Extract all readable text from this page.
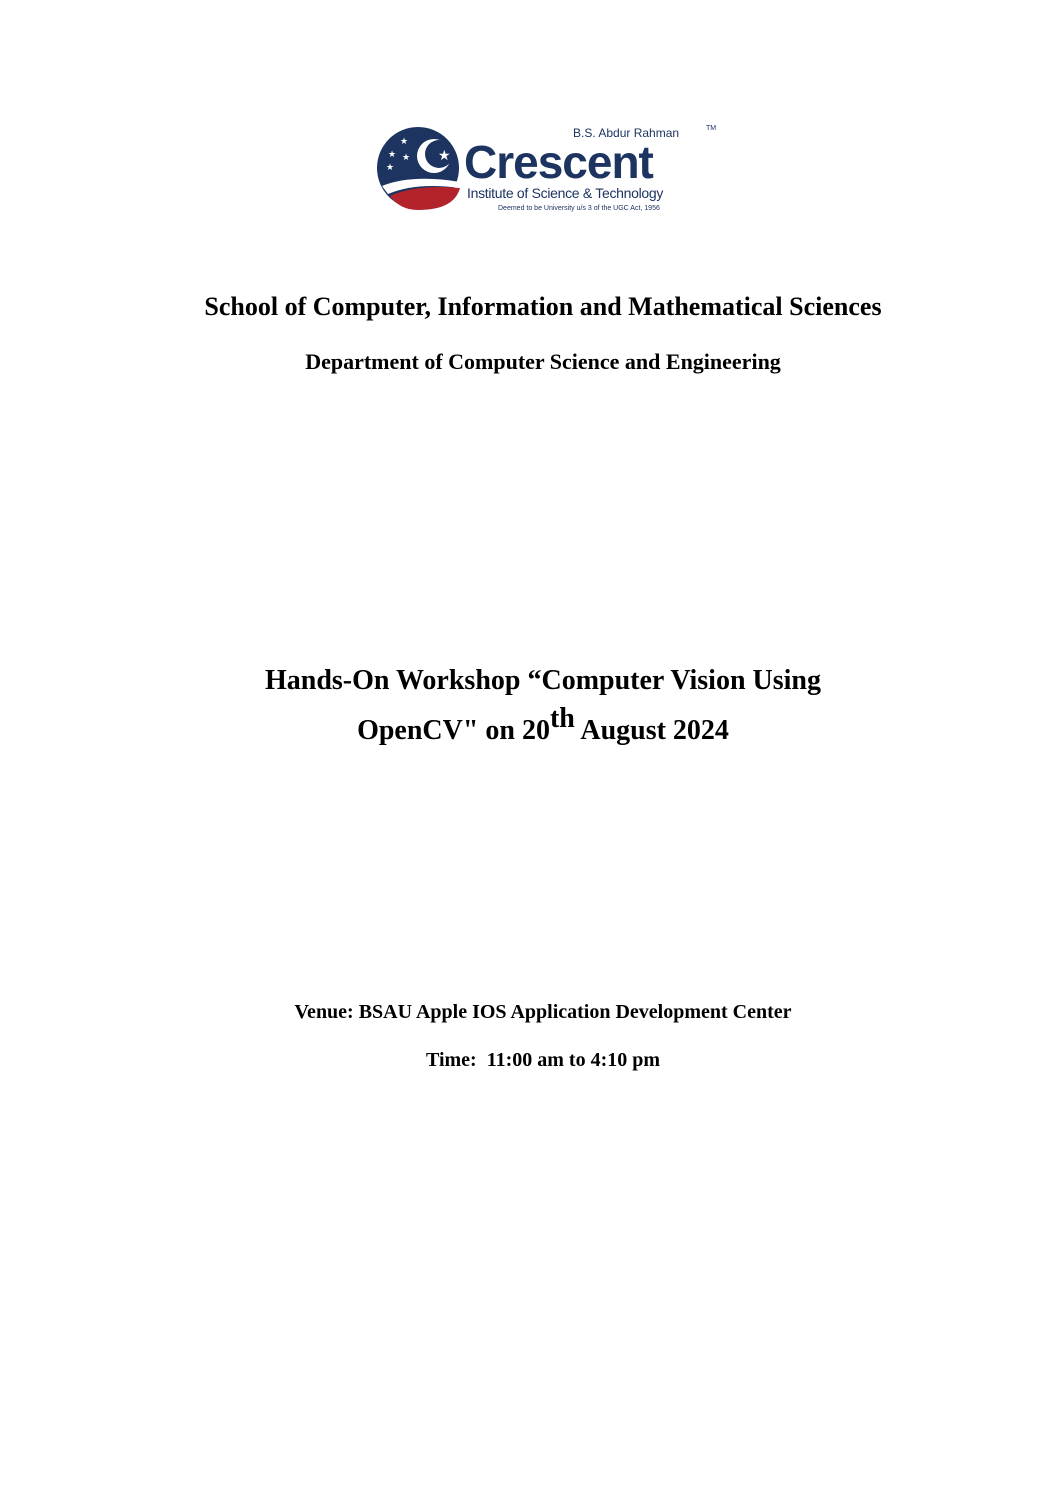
★
★
★ ★
★
B.S. Abdur Rahman	TM
Crescent
Institute of Science & Technology
Deemed to be University u/s 3 of the UGC Act, 1956
School of Computer, Information and Mathematical Sciences
Department of Computer Science and Engineering
Hands-On Workshop “Computer Vision Using
OpenCV" on 20th August 2024
Venue: BSAU Apple IOS Application Development Center
Time:  11:00 am to 4:10 pm
